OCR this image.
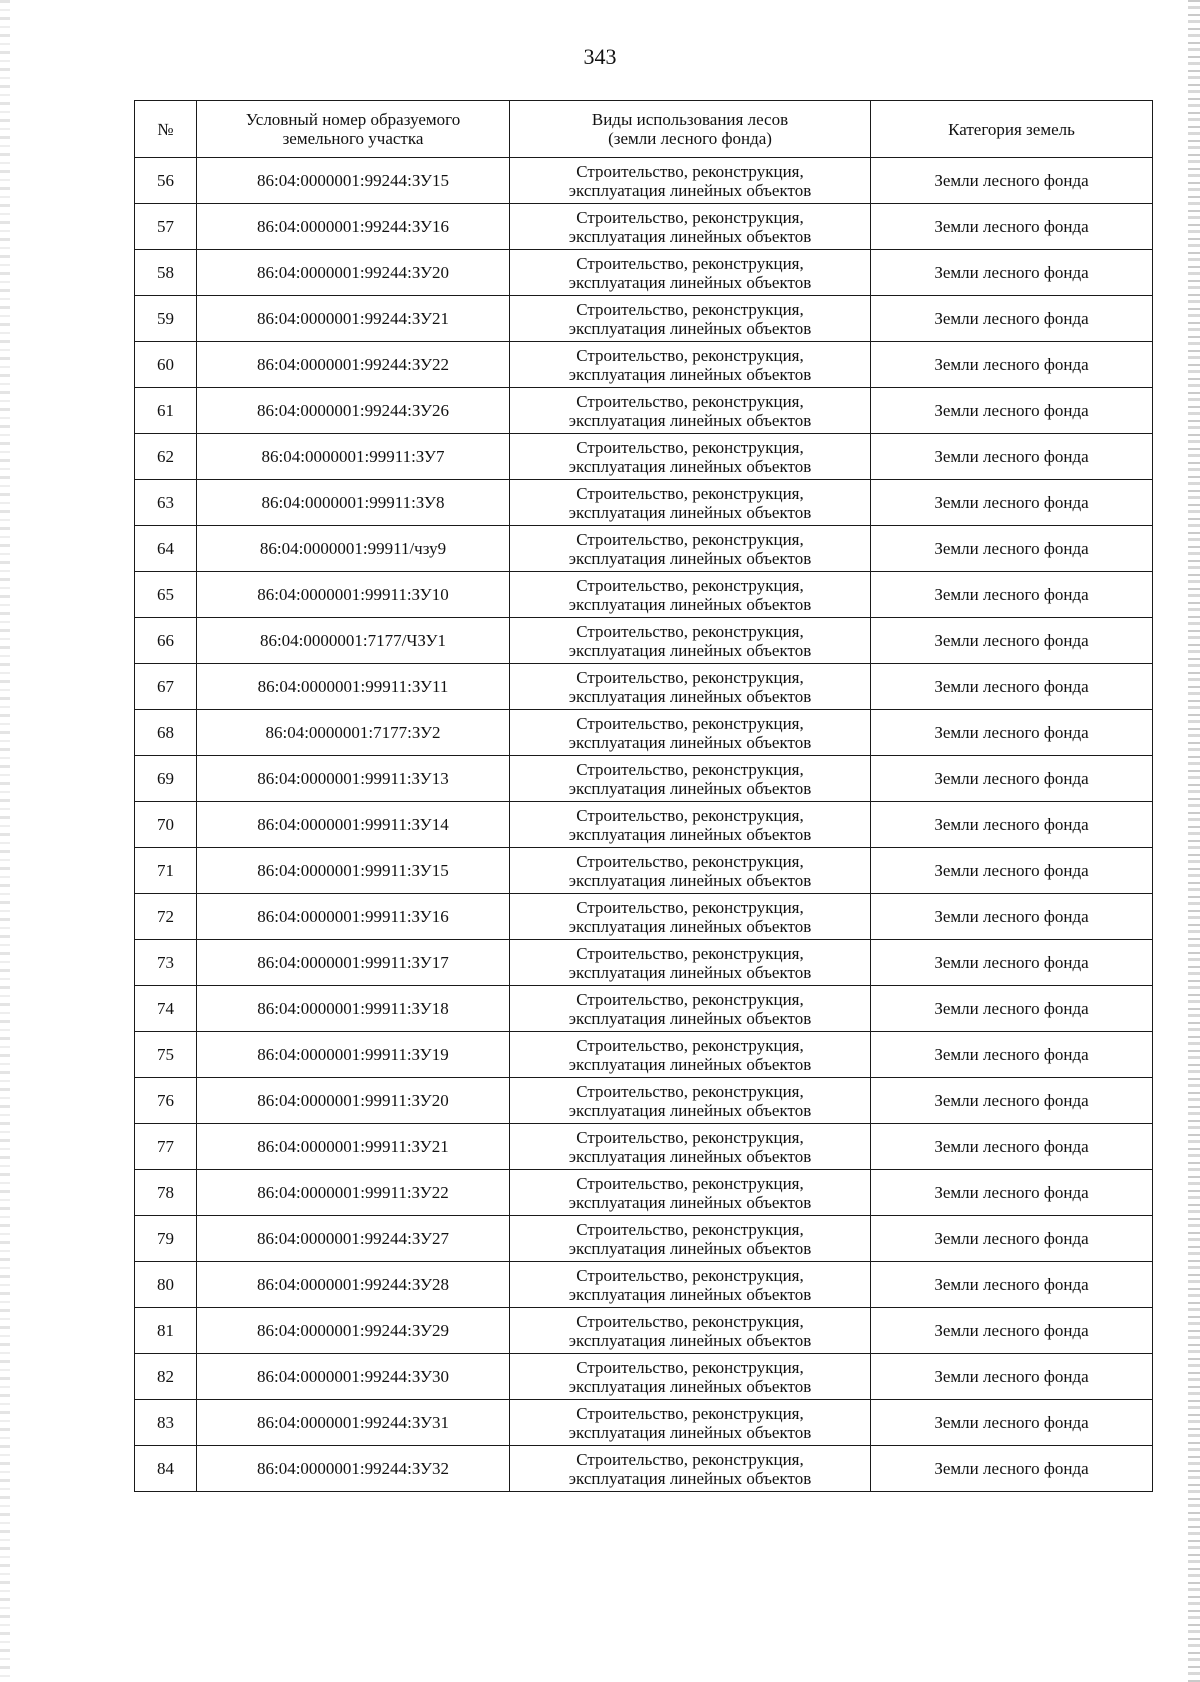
343
№	Условный номер образуемого
земельного участка	Виды использования лесов
(земли лесного фонда)	Категория земель
56	86:04:0000001:99244:ЗУ15	Строительство, реконструкция,
эксплуатация линейных объектов	Земли лесного фонда
57	86:04:0000001:99244:ЗУ16	Строительство, реконструкция,
эксплуатация линейных объектов	Земли лесного фонда
58	86:04:0000001:99244:ЗУ20	Строительство, реконструкция,
эксплуатация линейных объектов	Земли лесного фонда
59	86:04:0000001:99244:ЗУ21	Строительство, реконструкция,
эксплуатация линейных объектов	Земли лесного фонда
60	86:04:0000001:99244:ЗУ22	Строительство, реконструкция,
эксплуатация линейных объектов	Земли лесного фонда
61	86:04:0000001:99244:ЗУ26	Строительство, реконструкция,
эксплуатация линейных объектов	Земли лесного фонда
62	86:04:0000001:99911:ЗУ7	Строительство, реконструкция,
эксплуатация линейных объектов	Земли лесного фонда
63	86:04:0000001:99911:ЗУ8	Строительство, реконструкция,
эксплуатация линейных объектов	Земли лесного фонда
64	86:04:0000001:99911/чзу9	Строительство, реконструкция,
эксплуатация линейных объектов	Земли лесного фонда
65	86:04:0000001:99911:ЗУ10	Строительство, реконструкция,
эксплуатация линейных объектов	Земли лесного фонда
66	86:04:0000001:7177/ЧЗУ1	Строительство, реконструкция,
эксплуатация линейных объектов	Земли лесного фонда
67	86:04:0000001:99911:ЗУ11	Строительство, реконструкция,
эксплуатация линейных объектов	Земли лесного фонда
68	86:04:0000001:7177:ЗУ2	Строительство, реконструкция,
эксплуатация линейных объектов	Земли лесного фонда
69	86:04:0000001:99911:ЗУ13	Строительство, реконструкция,
эксплуатация линейных объектов	Земли лесного фонда
70	86:04:0000001:99911:ЗУ14	Строительство, реконструкция,
эксплуатация линейных объектов	Земли лесного фонда
71	86:04:0000001:99911:ЗУ15	Строительство, реконструкция,
эксплуатация линейных объектов	Земли лесного фонда
72	86:04:0000001:99911:ЗУ16	Строительство, реконструкция,
эксплуатация линейных объектов	Земли лесного фонда
73	86:04:0000001:99911:ЗУ17	Строительство, реконструкция,
эксплуатация линейных объектов	Земли лесного фонда
74	86:04:0000001:99911:ЗУ18	Строительство, реконструкция,
эксплуатация линейных объектов	Земли лесного фонда
75	86:04:0000001:99911:ЗУ19	Строительство, реконструкция,
эксплуатация линейных объектов	Земли лесного фонда
76	86:04:0000001:99911:ЗУ20	Строительство, реконструкция,
эксплуатация линейных объектов	Земли лесного фонда
77	86:04:0000001:99911:ЗУ21	Строительство, реконструкция,
эксплуатация линейных объектов	Земли лесного фонда
78	86:04:0000001:99911:ЗУ22	Строительство, реконструкция,
эксплуатация линейных объектов	Земли лесного фонда
79	86:04:0000001:99244:ЗУ27	Строительство, реконструкция,
эксплуатация линейных объектов	Земли лесного фонда
80	86:04:0000001:99244:ЗУ28	Строительство, реконструкция,
эксплуатация линейных объектов	Земли лесного фонда
81	86:04:0000001:99244:ЗУ29	Строительство, реконструкция,
эксплуатация линейных объектов	Земли лесного фонда
82	86:04:0000001:99244:ЗУ30	Строительство, реконструкция,
эксплуатация линейных объектов	Земли лесного фонда
83	86:04:0000001:99244:ЗУ31	Строительство, реконструкция,
эксплуатация линейных объектов	Земли лесного фонда
84	86:04:0000001:99244:ЗУ32	Строительство, реконструкция,
эксплуатация линейных объектов	Земли лесного фонда
